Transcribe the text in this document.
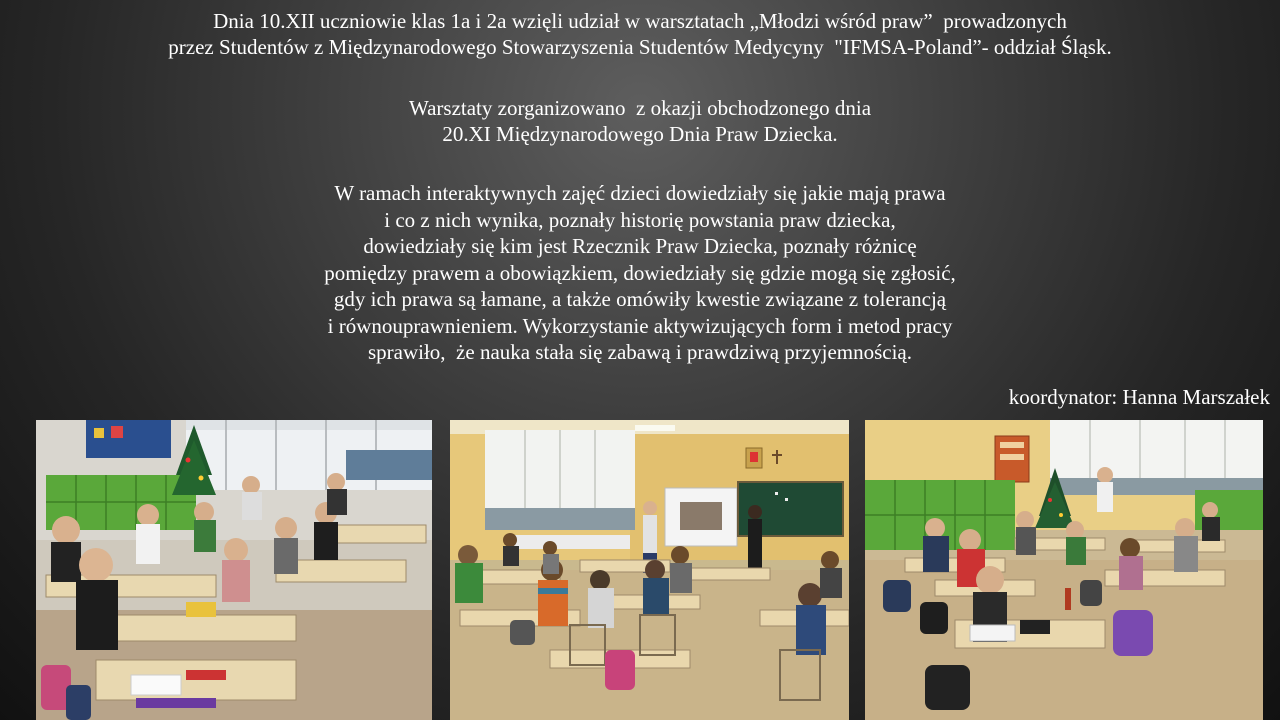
Dnia 10.XII uczniowie klas 1a i 2a wzięli udział w warsztatach „Młodzi wśród praw”  prowadzonych

przez Studentów z Międzynarodowego Stowarzyszenia Studentów Medycyny  "IFMSA-Poland”- oddział Śląsk.

Warsztaty zorganizowano  z okazji obchodzonego dnia

20.XI Międzynarodowego Dnia Praw Dziecka.

W ramach interaktywnych zajęć dzieci dowiedziały się jakie mają prawa

i co z nich wynika, poznały historię powstania praw dziecka,

dowiedziały się kim jest Rzecznik Praw Dziecka, poznały różnicę

pomiędzy prawem a obowiązkiem, dowiedziały się gdzie mogą się zgłosić,

gdy ich prawa są łamane, a także omówiły kwestie związane z tolerancją

i równouprawnieniem. Wykorzystanie aktywizujących form i metod pracy

sprawiło,  że nauka stała się zabawą i prawdziwą przyjemnością.

koordynator: Hanna Marszałek
